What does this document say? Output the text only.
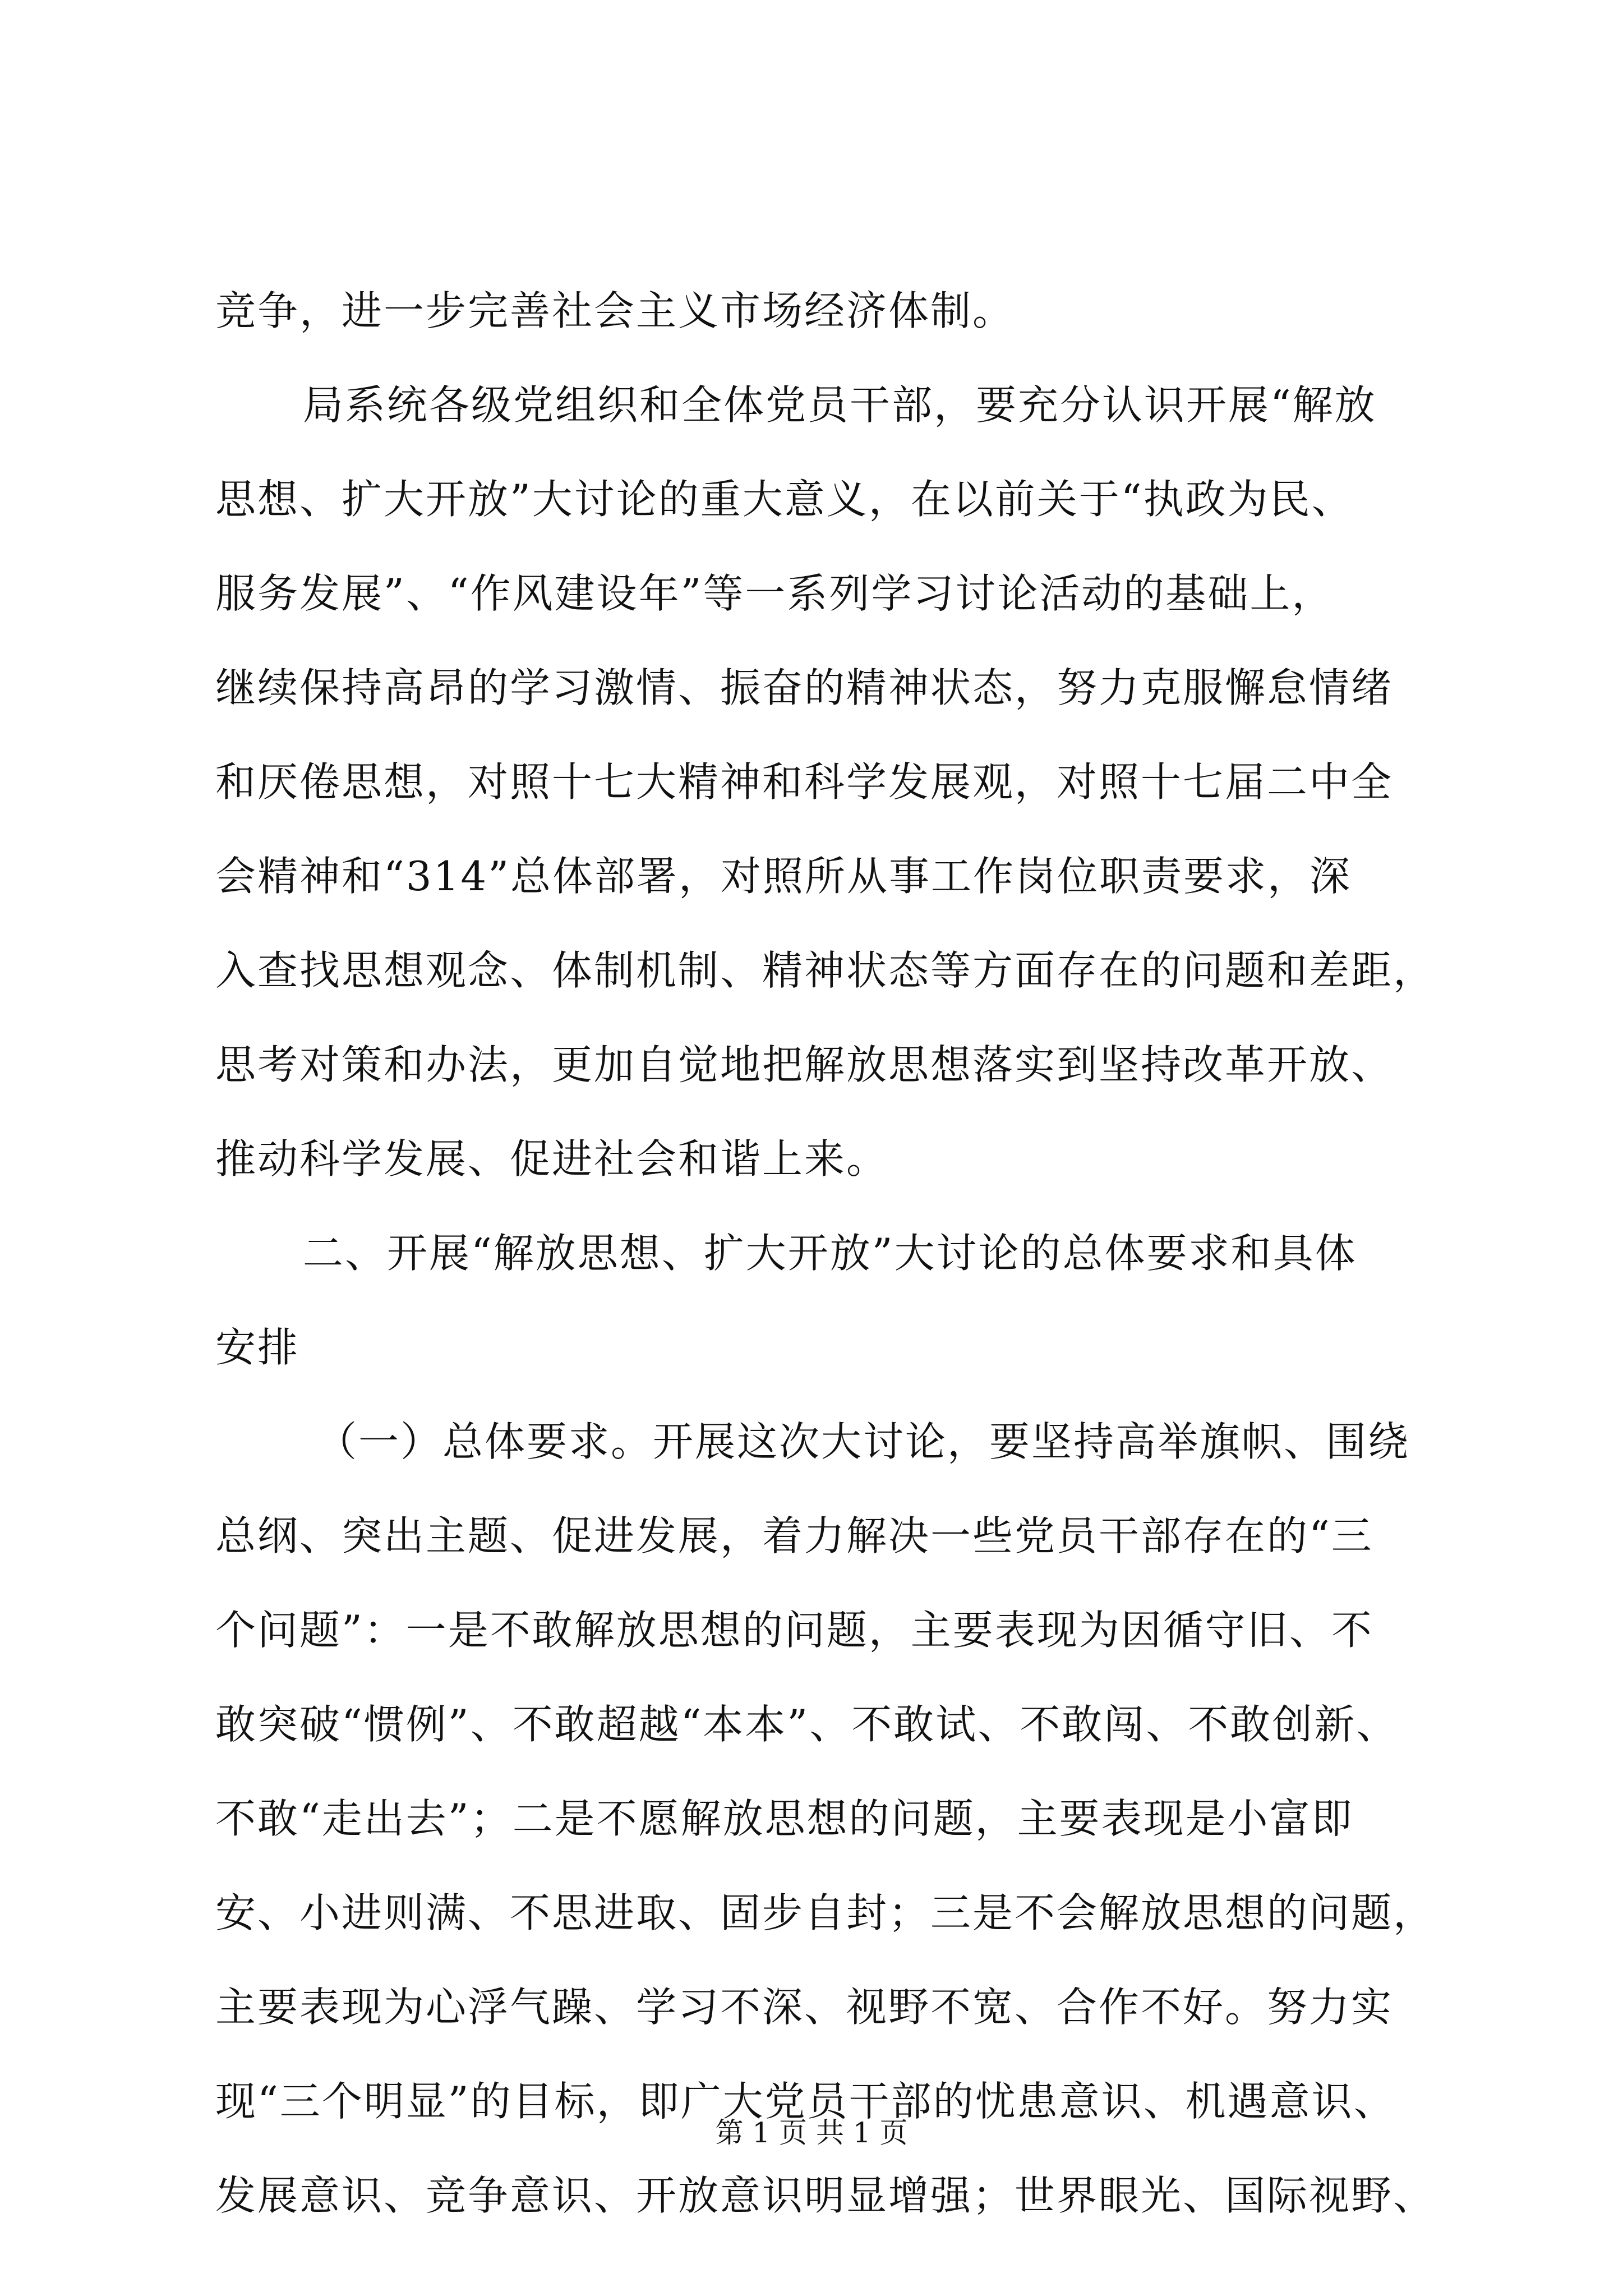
竞争，进一步完善社会主义市场经济体制。
局系统各级党组织和全体党员干部，要充分认识开展“解放
思想、扩大开放”大讨论的重大意义，在以前关于“执政为民、
服务发展”、“作风建设年”等一系列学习讨论活动的基础上，
继续保持高昂的学习激情、振奋的精神状态，努力克服懈怠情绪
和厌倦思想，对照十七大精神和科学发展观，对照十七届二中全
会精神和“314”总体部署，对照所从事工作岗位职责要求，深
入查找思想观念、体制机制、精神状态等方面存在的问题和差距，
思考对策和办法，更加自觉地把解放思想落实到坚持改革开放、
推动科学发展、促进社会和谐上来。
二、开展“解放思想、扩大开放”大讨论的总体要求和具体
安排
（一）总体要求。开展这次大讨论，要坚持高举旗帜、围绕
总纲、突出主题、促进发展，着力解决一些党员干部存在的“三
个问题”：一是不敢解放思想的问题，主要表现为因循守旧、不
敢突破“惯例”、不敢超越“本本”、不敢试、不敢闯、不敢创新、
不敢“走出去”；二是不愿解放思想的问题，主要表现是小富即
安、小进则满、不思进取、固步自封；三是不会解放思想的问题，
主要表现为心浮气躁、学习不深、视野不宽、合作不好。努力实
现“三个明显”的目标，即广大党员干部的忧患意识、机遇意识、
发展意识、竞争意识、开放意识明显增强；世界眼光、国际视野、
第 1 页 共 1 页
